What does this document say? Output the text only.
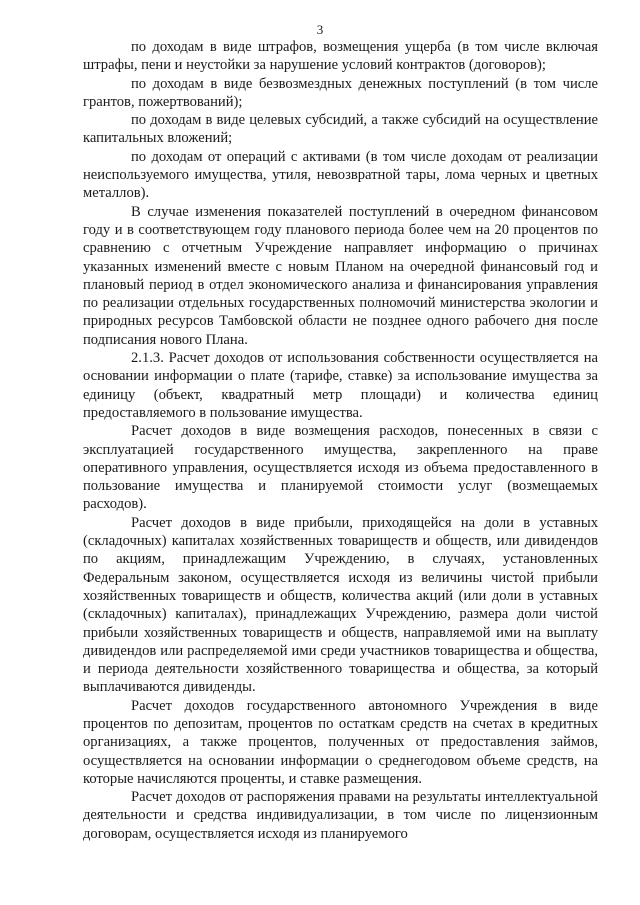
3

по доходам в виде штрафов, возмещения ущерба (в том числе включая штрафы, пени и неустойки за нарушение условий контрактов (договоров);

по доходам в виде безвозмездных денежных поступлений (в том числе грантов, пожертвований);

по доходам в виде целевых субсидий, а также субсидий на осуществление капитальных вложений;

по доходам от операций с активами (в том числе доходам от реализации неиспользуемого имущества, утиля, невозвратной тары, лома черных и цветных металлов).

В случае изменения показателей поступлений в очередном финансовом году и в соответствующем году планового периода более чем на 20 процентов по сравнению с отчетным Учреждение направляет информацию о причинах указанных изменений вместе с новым Планом на очередной финансовый год и плановый период в отдел экономического анализа и финансирования управления по реализации отдельных государственных полномочий министерства экологии и природных ресурсов Тамбовской области не позднее одного рабочего дня после подписания нового Плана.

2.1.3. Расчет доходов от использования собственности осуществляется на основании информации о плате (тарифе, ставке) за использование имущества за единицу (объект, квадратный метр площади) и количества единиц предоставляемого в пользование имущества.

Расчет доходов в виде возмещения расходов, понесенных в связи с эксплуатацией государственного имущества, закрепленного на праве оперативного управления, осуществляется исходя из объема предоставленного в пользование имущества и планируемой стоимости услуг (возмещаемых расходов).

Расчет доходов в виде прибыли, приходящейся на доли в уставных (складочных) капиталах хозяйственных товариществ и обществ, или дивидендов по акциям, принадлежащим Учреждению, в случаях, установленных Федеральным законом, осуществляется исходя из величины чистой прибыли хозяйственных товариществ и обществ, количества акций (или доли в уставных (складочных) капиталах), принадлежащих Учреждению, размера доли чистой прибыли хозяйственных товариществ и обществ, направляемой ими на выплату дивидендов или распределяемой ими среди участников товарищества и общества, и периода деятельности хозяйственного товарищества и общества, за который выплачиваются дивиденды.

Расчет доходов государственного автономного Учреждения в виде процентов по депозитам, процентов по остаткам средств на счетах в кредитных организациях, а также процентов, полученных от предоставления займов, осуществляется на основании информации о среднегодовом объеме средств, на которые начисляются проценты, и ставке размещения.

Расчет доходов от распоряжения правами на результаты интеллектуальной деятельности и средства индивидуализации, в том числе по лицензионным договорам, осуществляется исходя из планируемого
